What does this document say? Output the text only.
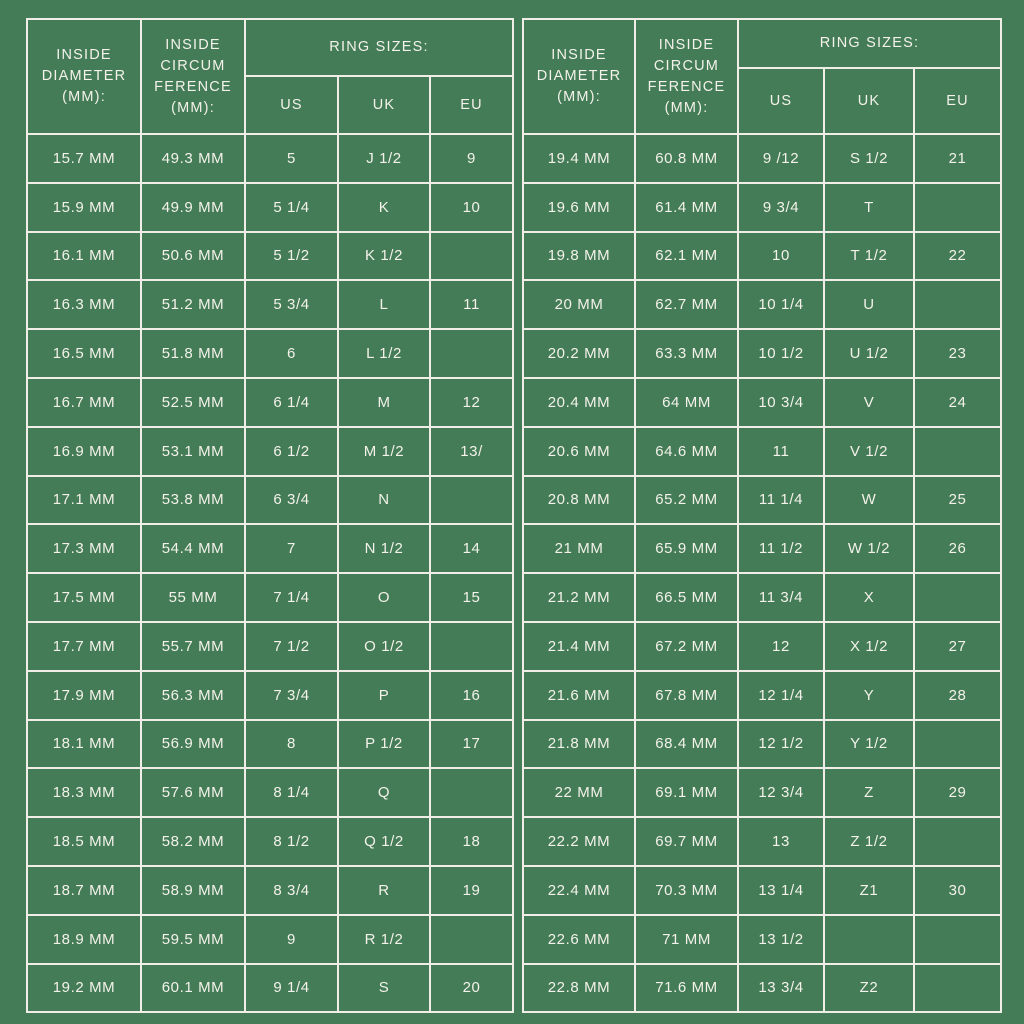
INSIDE DIAMETER (MM):	INSIDE CIRCUM FERENCE (MM):	RING SIZES:		
		US	UK	EU
15.7 MM	49.3 MM	5	J 1/2	9
15.9 MM	49.9 MM	5 1/4	K	10
16.1 MM	50.6 MM	5 1/2	K 1/2	
16.3 MM	51.2 MM	5 3/4	L	11
16.5 MM	51.8 MM	6	L 1/2	
16.7 MM	52.5 MM	6 1/4	M	12
16.9 MM	53.1 MM	6 1/2	M 1/2	13/
17.1 MM	53.8 MM	6 3/4	N	
17.3 MM	54.4 MM	7	N 1/2	14
17.5 MM	55 MM	7 1/4	O	15
17.7 MM	55.7 MM	7 1/2	O 1/2	
17.9 MM	56.3 MM	7 3/4	P	16
18.1 MM	56.9 MM	8	P 1/2	17
18.3 MM	57.6 MM	8 1/4	Q	
18.5 MM	58.2 MM	8 1/2	Q 1/2	18
18.7 MM	58.9 MM	8 3/4	R	19
18.9 MM	59.5 MM	9	R 1/2	
19.2 MM	60.1 MM	9 1/4	S	20
INSIDE DIAMETER (MM):	INSIDE CIRCUM FERENCE (MM):	RING SIZES:		
		US	UK	EU
19.4 MM	60.8 MM	9 /12	S 1/2	21
19.6 MM	61.4 MM	9 3/4	T	
19.8 MM	62.1 MM	10	T 1/2	22
20 MM	62.7 MM	10 1/4	U	
20.2 MM	63.3 MM	10 1/2	U 1/2	23
20.4 MM	64 MM	10 3/4	V	24
20.6 MM	64.6 MM	11	V 1/2	
20.8 MM	65.2 MM	11 1/4	W	25
21 MM	65.9 MM	11 1/2	W 1/2	26
21.2 MM	66.5 MM	11 3/4	X	
21.4 MM	67.2 MM	12	X 1/2	27
21.6 MM	67.8 MM	12 1/4	Y	28
21.8 MM	68.4 MM	12 1/2	Y 1/2	
22 MM	69.1 MM	12 3/4	Z	29
22.2 MM	69.7 MM	13	Z 1/2	
22.4 MM	70.3 MM	13 1/4	Z1	30
22.6 MM	71 MM	13 1/2		
22.8 MM	71.6 MM	13 3/4	Z2	
